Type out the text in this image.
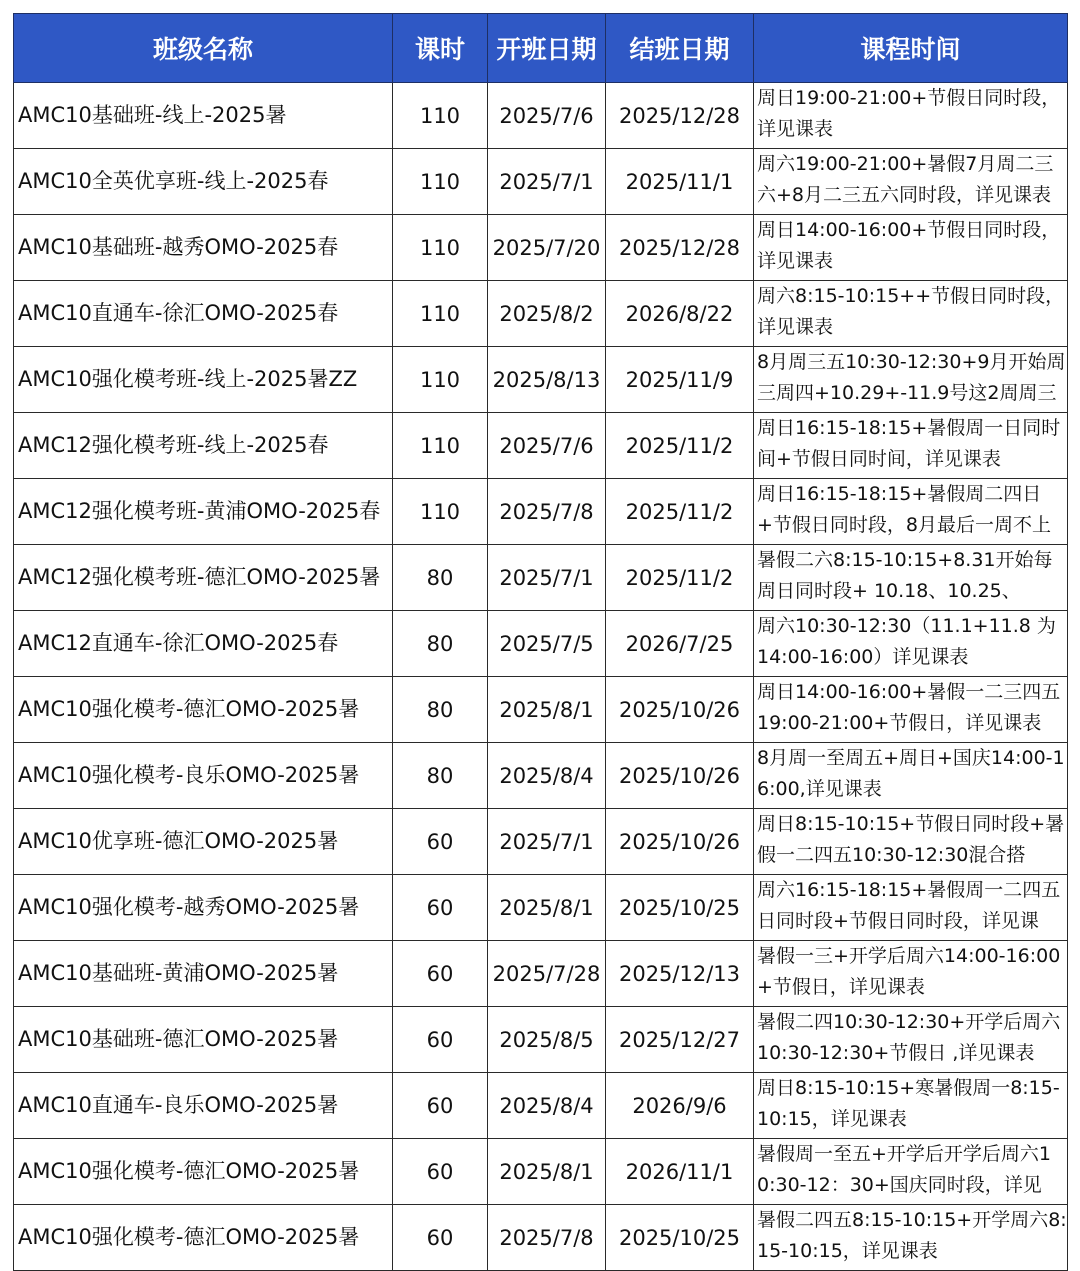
班级名称	课时	开班日期	结班日期	课程时间

AMC10基础班-线上-2025暑	110	2025/7/6	2025/12/28	周日19:00-21:00+节假日同时段，详见课表

AMC10全英优享班-线上-2025春	110	2025/7/1	2025/11/1	周六19:00-21:00+暑假7月周二三六+8月二三五六同时段，详见课表

AMC10基础班-越秀OMO-2025春	110	2025/7/20	2025/12/28	周日14:00-16:00+节假日同时段，详见课表

AMC10直通车-徐汇OMO-2025春	110	2025/8/2	2026/8/22	周六8:15-10:15++节假日同时段，详见课表

AMC10强化模考班-线上-2025暑ZZ	110	2025/8/13	2025/11/9	8月周三五10:30-12:30+9月开始周三周四+10.29+-11.9号这2周周三

AMC12强化模考班-线上-2025春	110	2025/7/6	2025/11/2	周日16:15-18:15+暑假周一日同时间+节假日同时间，详见课表

AMC12强化模考班-黄浦OMO-2025春	110	2025/7/8	2025/11/2	周日16:15-18:15+暑假周二四日+节假日同时段，8月最后一周不上

AMC12强化模考班-德汇OMO-2025暑	80	2025/7/1	2025/11/2	暑假二六8:15-10:15+8.31开始每周日同时段+ 10.18、10.25、

AMC12直通车-徐汇OMO-2025春	80	2025/7/5	2026/7/25	周六10:30-12:30（11.1+11.8 为14:00-16:00）详见课表

AMC10强化模考-德汇OMO-2025暑	80	2025/8/1	2025/10/26	周日14:00-16:00+暑假一二三四五19:00-21:00+节假日，详见课表

AMC10强化模考-良乐OMO-2025暑	80	2025/8/4	2025/10/26	8月周一至周五+周日+国庆14:00-16:00,详见课表

AMC10优享班-德汇OMO-2025暑	60	2025/7/1	2025/10/26	周日8:15-10:15+节假日同时段+暑假一二四五10:30-12:30混合搭

AMC10强化模考-越秀OMO-2025暑	60	2025/8/1	2025/10/25	周六16:15-18:15+暑假周一二四五日同时段+节假日同时段，详见课

AMC10基础班-黄浦OMO-2025暑	60	2025/7/28	2025/12/13	暑假一三+开学后周六14:00-16:00+节假日，详见课表

AMC10基础班-德汇OMO-2025暑	60	2025/8/5	2025/12/27	暑假二四10:30-12:30+开学后周六10:30-12:30+节假日 ,详见课表

AMC10直通车-良乐OMO-2025暑	60	2025/8/4	2026/9/6	周日8:15-10:15+寒暑假周一8:15-10:15，详见课表

AMC10强化模考-德汇OMO-2025暑	60	2025/8/1	2026/11/1	暑假周一至五+开学后开学后周六10:30-12：30+国庆同时段，详见

AMC10强化模考-德汇OMO-2025暑	60	2025/7/8	2025/10/25	暑假二四五8:15-10:15+开学周六8:15-10:15，详见课表
